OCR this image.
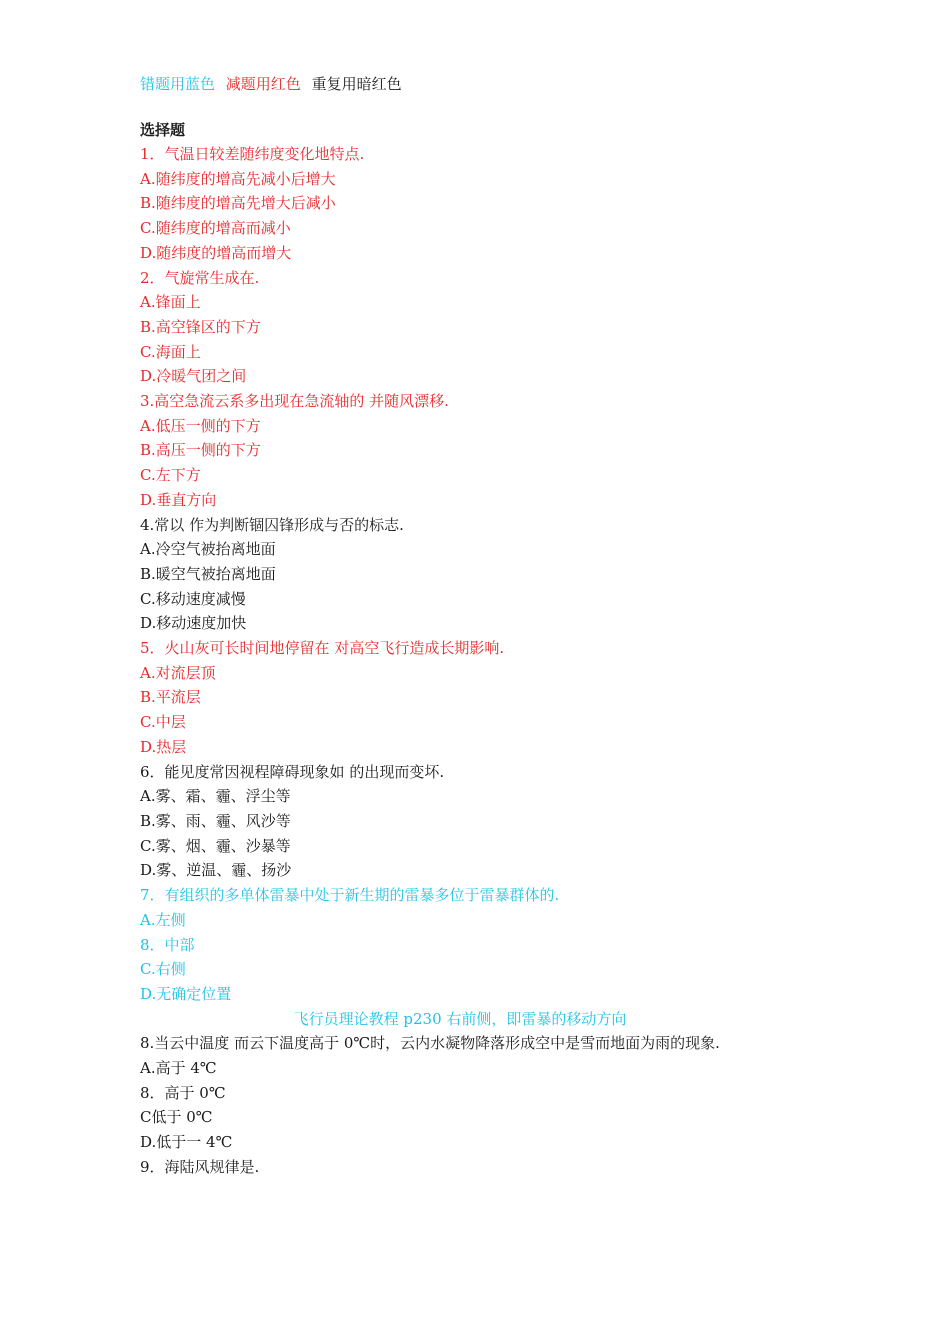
错题用蓝色 减题用红色 重复用暗红色
选择题
1．气温日较差随纬度变化地特点.
A.随纬度的增高先减小后增大
B.随纬度的增高先增大后减小
C.随纬度的增高而减小
D.随纬度的增高而增大
2．气旋常生成在.
A.锋面上
B.高空锋区的下方
C.海面上
D.冷暖气团之间
3.高空急流云系多出现在急流轴的 并随风漂移.
A.低压一侧的下方
B.高压一侧的下方
C.左下方
D.垂直方向
4.常以 作为判断锢囚锋形成与否的标志.
A.冷空气被抬离地面
B.暖空气被抬离地面
C.移动速度减慢
D.移动速度加快
5．火山灰可长时间地停留在 对高空飞行造成长期影响.
A.对流层顶
B.平流层
C.中层
D.热层
6．能见度常因视程障碍现象如 的出现而变坏.
A.雾、霜、霾、浮尘等
B.雾、雨、霾、风沙等
C.雾、烟、霾、沙暴等
D.雾、逆温、霾、扬沙
7．有组织的多单体雷暴中处于新生期的雷暴多位于雷暴群体的.
A.左侧
8．中部
C.右侧
D.无确定位置
飞行员理论教程 p230 右前侧，即雷暴的移动方向
8.当云中温度 而云下温度高于 0℃时，云内水凝物降落形成空中是雪而地面为雨的现象.
A.高于 4℃
8．高于 0℃
C低于 0℃
D.低于一 4℃
9．海陆风规律是.
